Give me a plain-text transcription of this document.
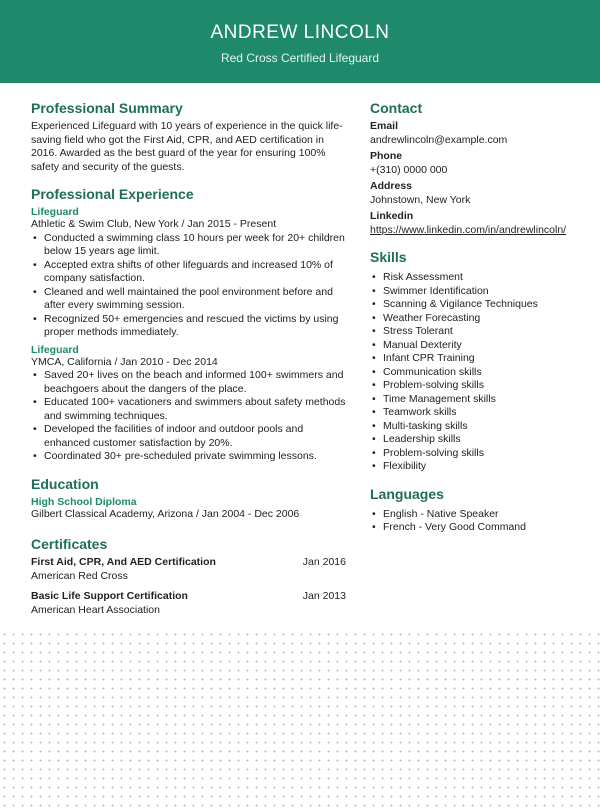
ANDREW LINCOLN
Red Cross Certified Lifeguard
Professional Summary
Experienced Lifeguard with 10 years of experience in the quick life-saving field who got the First Aid, CPR, and AED certification in 2016. Awarded as the best guard of the year for ensuring 100% safety and security of the guests.
Professional Experience
Lifeguard
Athletic & Swim Club, New York / Jan 2015 - Present
• Conducted a swimming class 10 hours per week for 20+ children below 15 years age limit.
• Accepted extra shifts of other lifeguards and increased 10% of company satisfaction.
• Cleaned and well maintained the pool environment before and after every swimming session.
• Recognized 50+ emergencies and rescued the victims by using proper methods immediately.
Lifeguard
YMCA, California / Jan 2010 - Dec 2014
• Saved 20+ lives on the beach and informed 100+ swimmers and beachgoers about the dangers of the place.
• Educated 100+ vacationers and swimmers about safety methods and swimming techniques.
• Developed the facilities of indoor and outdoor pools and enhanced customer satisfaction by 20%.
• Coordinated 30+ pre-scheduled private swimming lessons.
Education
High School Diploma
Gilbert Classical Academy, Arizona / Jan 2004 - Dec 2006
Certificates
First Aid, CPR, And AED Certification	Jan 2016
American Red Cross
Basic Life Support Certification	Jan 2013
American Heart Association
Contact
Email
andrewlincoln@example.com
Phone
+(310) 0000 000
Address
Johnstown, New York
Linkedin
https://www.linkedin.com/in/andrewlincoln/
Skills
• Risk Assessment
• Swimmer Identification
• Scanning & Vigilance Techniques
• Weather Forecasting
• Stress Tolerant
• Manual Dexterity
• Infant CPR Training
• Communication skills
• Problem-solving skills
• Time Management skills
• Teamwork skills
• Multi-tasking skills
• Leadership skills
• Problem-solving skills
• Flexibility
Languages
• English - Native Speaker
• French - Very Good Command
